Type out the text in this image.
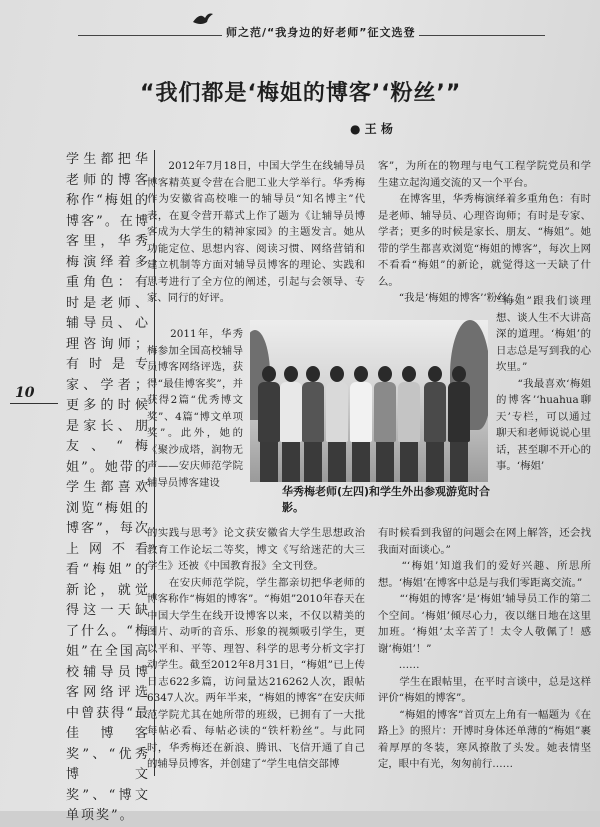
师之范/“我身边的好老师”征文选登
“我们都是‘梅姐的博客’‘粉丝’”
● 王 杨
10
学生都把华老师的博客称作“梅姐的博客”。在博客里，华秀梅演绎着多重角色：有时是老师、辅导员、心理咨询师；有时是专家、学者；更多的时候是家长、朋友、“梅姐”。她带的学生都喜欢浏览“梅姐的博客”，每次上网不看看“梅姐”的新论，就觉得这一天缺了什么。“梅姐”在全国高校辅导员博客网络评选中曾获得“最佳博客奖”、“优秀博文奖”、“博文单项奖”。
　　2012年7月18日，中国大学生在线辅导员博客精英夏令营在合肥工业大学举行。华秀梅作为安徽省高校唯一的辅导员“知名博主”代表，在夏令营开幕式上作了题为《让辅导员博客成为大学生的精神家园》的主题发言。她从功能定位、思想内容、阅读习惯、网络营销和建立机制等方面对辅导员博客的理论、实践和思考进行了全方位的阐述，引起与会领导、专家、同行的好评。
　　2011年，华秀梅参加全国高校辅导员博客网络评选，获得“最佳博客奖”，并获得2篇“优秀博文奖”、4篇“博文单项奖”。此外，她的《聚沙成塔，润物无声——安庆师范学院辅导员博客建设
的实践与思考》论文获安徽省大学生思想政治教育工作论坛二等奖，博文《写给迷茫的大三学生》还被《中国教育报》全文刊登。
　　在安庆师范学院，学生都亲切把华老师的博客称作“梅姐的博客”。“梅姐”2010年春天在中国大学生在线开设博客以来，不仅以精美的图片、动听的音乐、形象的视频吸引学生，更以平和、平等、理智、科学的思考分析文字打动学生。截至2012年8月31日，“梅姐”已上传日志622多篇，访问量达216262人次，跟帖6347人次。两年半来，“梅姐的博客”在安庆师范学院尤其在她所带的班级，已拥有了一大批每帖必看、每帖必读的“铁杆粉丝”。与此同时，华秀梅还在新浪、腾讯、飞信开通了自己的辅导员博客，并创建了“学生电信交部博
客”，为所在的物理与电气工程学院党员和学生建立起沟通交流的又一个平台。
　　在博客里，华秀梅演绎着多重角色：有时是老师、辅导员、心理咨询师；有时是专家、学者；更多的时候是家长、朋友、“梅姐”。她带的学生都喜欢浏览“梅姐的博客”，每次上网不看看“梅姐”的新论，就觉得这一天缺了什么。
　　“我是‘梅姐的博客’‘粉丝’。”
“梅姐”跟我们谈理想、谈人生不大讲高深的道理。‘梅姐’的日志总是写到我的心坎里。”
　　“我最喜欢‘梅姐的博客’‘huahua聊天’专栏，可以通过聊天和老师说说心里话，甚至聊不开心的事。‘梅姐’
有时候看到我留的问题会在网上解答，还会找我面对面谈心。”
　　“‘梅姐’知道我们的爱好兴趣、所思所想。‘梅姐’在博客中总是与我们零距离交流。”
　　“‘梅姐的博客’是‘梅姐’辅导员工作的第二个空间。‘梅姐’倾尽心力，夜以继日地在这里加班。‘梅姐’太辛苦了！太令人敬佩了！感谢‘梅姐’！”
　　……
　　学生在跟帖里，在平时言谈中，总是这样评价“梅姐的博客”。
　　“梅姐的博客”首页左上角有一幅题为《在路上》的照片：开博时身体还单薄的“梅姐”裹着厚厚的冬装，寒风撩散了头发。她表情坚定，眼中有光，匆匆前行……
华秀梅老师(左四)和学生外出参观游览时合影。
